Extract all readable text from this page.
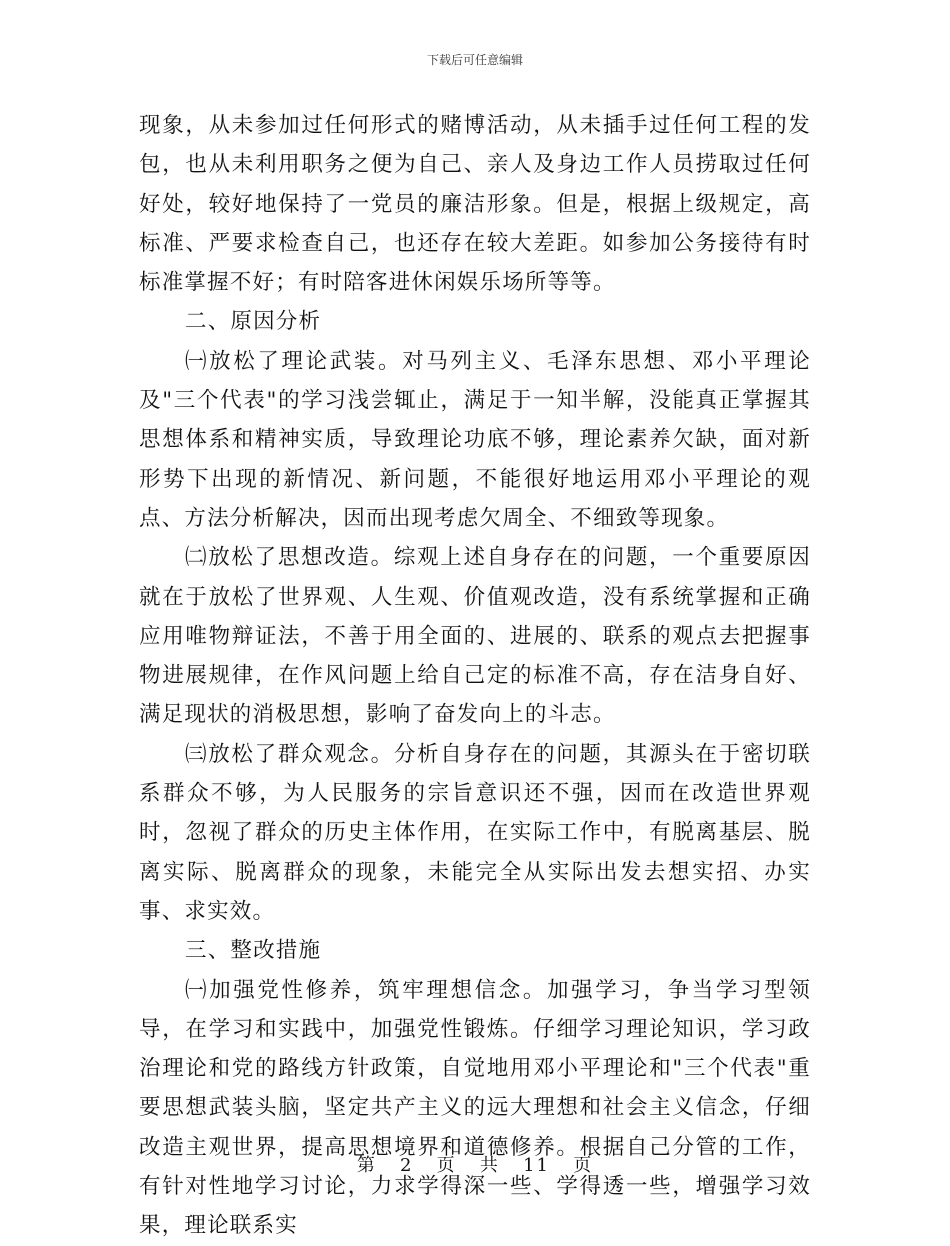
下载后可任意编辑

现象，从未参加过任何形式的赌博活动，从未插手过任何工程的发包，也从未利用职务之便为自己、亲人及身边工作人员捞取过任何好处，较好地保持了一党员的廉洁形象。但是，根据上级规定，高标准、严要求检查自己，也还存在较大差距。如参加公务接待有时标准掌握不好；有时陪客进休闲娱乐场所等等。

二、原因分析

㈠放松了理论武装。对马列主义、毛泽东思想、邓小平理论及"三个代表"的学习浅尝辄止，满足于一知半解，没能真正掌握其思想体系和精神实质，导致理论功底不够，理论素养欠缺，面对新形势下出现的新情况、新问题，不能很好地运用邓小平理论的观点、方法分析解决，因而出现考虑欠周全、不细致等现象。

㈡放松了思想改造。综观上述自身存在的问题，一个重要原因就在于放松了世界观、人生观、价值观改造，没有系统掌握和正确应用唯物辩证法，不善于用全面的、进展的、联系的观点去把握事物进展规律，在作风问题上给自己定的标准不高，存在洁身自好、满足现状的消极思想，影响了奋发向上的斗志。

㈢放松了群众观念。分析自身存在的问题，其源头在于密切联系群众不够，为人民服务的宗旨意识还不强，因而在改造世界观时，忽视了群众的历史主体作用，在实际工作中，有脱离基层、脱离实际、脱离群众的现象，未能完全从实际出发去想实招、办实事、求实效。

三、整改措施

㈠加强党性修养，筑牢理想信念。加强学习，争当学习型领导，在学习和实践中，加强党性锻炼。仔细学习理论知识，学习政治理论和党的路线方针政策，自觉地用邓小平理论和"三个代表"重要思想武装头脑，坚定共产主义的远大理想和社会主义信念，仔细改造主观世界，提高思想境界和道德修养。根据自己分管的工作，有针对性地学习讨论，力求学得深一些、学得透一些，增强学习效果，理论联系实

第 2 页 共 11 页
